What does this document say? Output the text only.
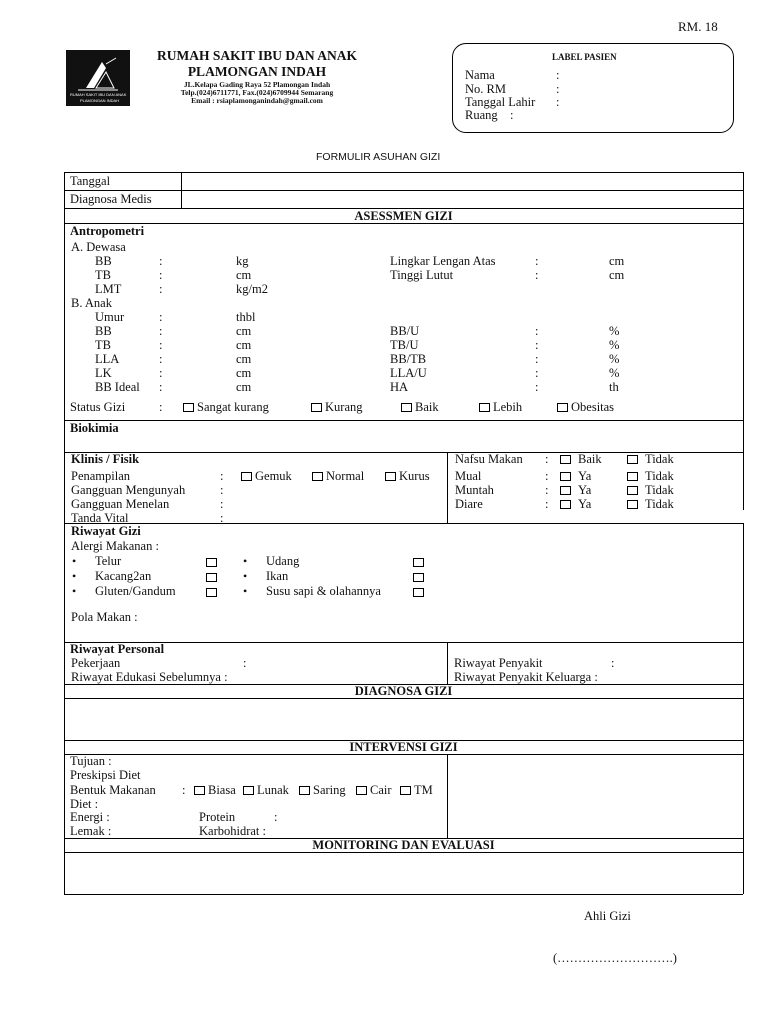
RM. 18
RUMAH SAKIT IBU DAN ANAK
PLAMONGAN INDAH
RUMAH SAKIT IBU DAN ANAK
PLAMONGAN INDAH
JL.Kelapa Gading Raya 52 Plamongan Indah
Telp.(024)6711771, Fax.(024)6709944 Semarang
Email : rsiaplamonganindah@gmail.com
LABEL PASIEN
Nama
No. RM
Tanggal Lahir
Ruang
:
:
:
:
FORMULIR ASUHAN GIZI
Tanggal
Diagnosa Medis
ASESSMEN GIZI
Antropometri
A. Dewasa
BB	:	kg	Lingkar Lengan Atas	:	cm
TB	:	cm	Tinggi Lutut	:	cm
LMT	:	kg/m2
B. Anak
Umur	:	thbl
BB	:	cm	BB/U	:	%
TB	:	cm	TB/U	:	%
LLA	:	cm	BB/TB	:	%
LK	:	cm	LLA/U	:	%
BB Ideal :	cm	HA	:	th
Status Gizi	:	Sangat kurang	Kurang	Baik	Lebih	Obesitas
Biokimia
Klinis / Fisik
Penampilan	:	Gemuk	Normal	Kurus
Gangguan Mengunyah	:
Gangguan Menelan	:
Tanda Vital	:
Nafsu Makan :	Baik	Tidak
Mual	:	Ya	Tidak
Muntah	:	Ya	Tidak
Diare	:	Ya	Tidak
Riwayat Gizi
Alergi Makanan :
• Telur
• Kacang2an
• Gluten/Gandum
• Udang
• Ikan
• Susu sapi & olahannya
Pola Makan :
Riwayat Personal
Pekerjaan	:
Riwayat Edukasi Sebelumnya :
Riwayat Penyakit	:
Riwayat Penyakit Keluarga :
DIAGNOSA GIZI
INTERVENSI GIZI
Tujuan :
Preskipsi Diet
Bentuk Makanan :	Biasa	Lunak	Saring	Cair	TM
Diet :
Energi :	Protein	:
Lemak :	Karbohidrat :
MONITORING DAN EVALUASI
Ahli Gizi
(……………………….)
